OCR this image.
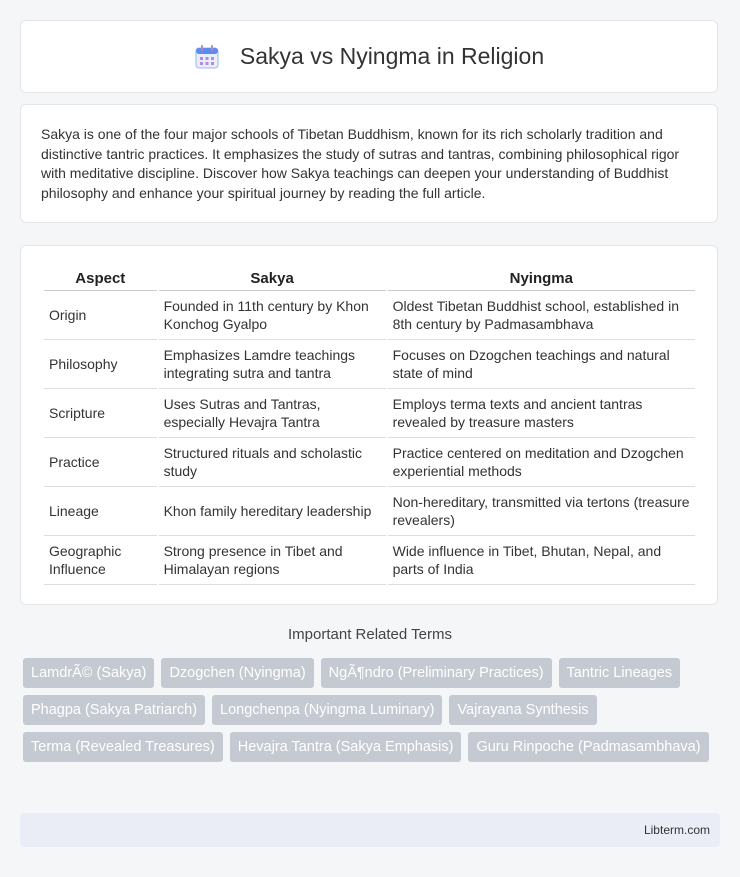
Sakya vs Nyingma in Religion

Sakya is one of the four major schools of Tibetan Buddhism, known for its rich scholarly tradition and distinctive tantric practices. It emphasizes the study of sutras and tantras, combining philosophical rigor with meditative discipline. Discover how Sakya teachings can deepen your understanding of Buddhist philosophy and enhance your spiritual journey by reading the full article.

Aspect	Sakya	Nyingma
Origin	Founded in 11th century by Khon Konchog Gyalpo	Oldest Tibetan Buddhist school, established in 8th century by Padmasambhava
Philosophy	Emphasizes Lamdre teachings integrating sutra and tantra	Focuses on Dzogchen teachings and natural state of mind
Scripture	Uses Sutras and Tantras, especially Hevajra Tantra	Employs terma texts and ancient tantras revealed by treasure masters
Practice	Structured rituals and scholastic study	Practice centered on meditation and Dzogchen experiential methods
Lineage	Khon family hereditary leadership	Non-hereditary, transmitted via tertons (treasure revealers)
Geographic Influence	Strong presence in Tibet and Himalayan regions	Wide influence in Tibet, Bhutan, Nepal, and parts of India
Important Related Terms
LamdrÃ© (Sakya)	Dzogchen (Nyingma)	NgÃ¶ndro (Preliminary Practices)	Tantric Lineages
Phagpa (Sakya Patriarch)	Longchenpa (Nyingma Luminary)	Vajrayana Synthesis
Terma (Revealed Treasures)	Hevajra Tantra (Sakya Emphasis)	Guru Rinpoche (Padmasambhava)
Libterm.com
